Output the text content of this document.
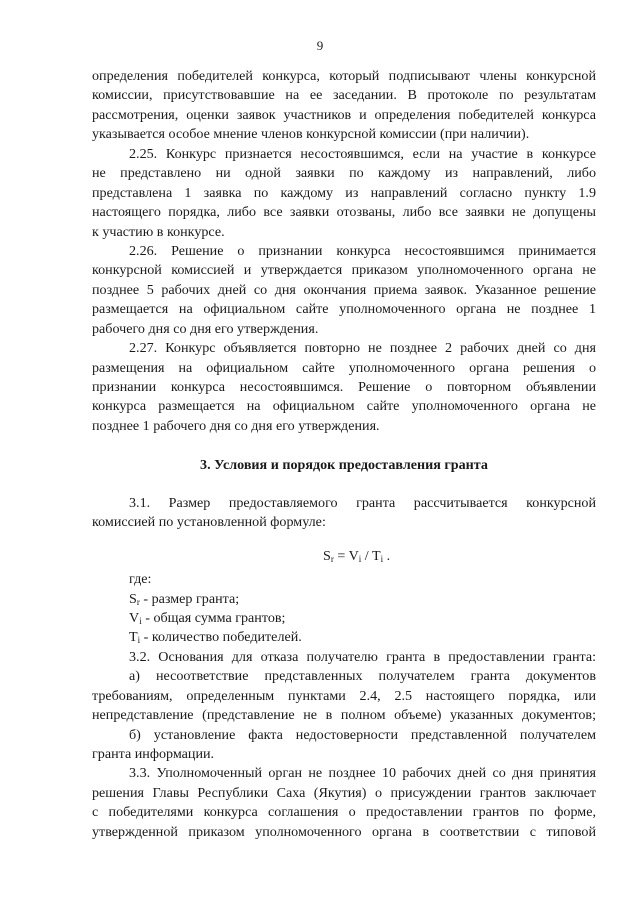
9
определения победителей конкурса, который подписывают члены конкурсной
комиссии, присутствовавшие на ее заседании. В протоколе по результатам
рассмотрения, оценки заявок участников и определения победителей конкурса
указывается особое мнение членов конкурсной комиссии (при наличии).
2.25. Конкурс признается несостоявшимся, если на участие в конкурсе
не представлено ни одной заявки по каждому из направлений, либо
представлена 1 заявка по каждому из направлений согласно пункту 1.9
настоящего порядка, либо все заявки отозваны, либо все заявки не допущены
к участию в конкурсе.
2.26. Решение о признании конкурса несостоявшимся принимается
конкурсной комиссией и утверждается приказом уполномоченного органа не
позднее 5 рабочих дней со дня окончания приема заявок. Указанное решение
размещается на официальном сайте уполномоченного органа не позднее 1
рабочего дня со дня его утверждения.
2.27. Конкурс объявляется повторно не позднее 2 рабочих дней со дня
размещения на официальном сайте уполномоченного органа решения о
признании конкурса несостоявшимся. Решение о повторном объявлении
конкурса размещается на официальном сайте уполномоченного органа не
позднее 1 рабочего дня со дня его утверждения.
3. Условия и порядок предоставления гранта
3.1. Размер предоставляемого гранта рассчитывается конкурсной
комиссией по установленной формуле:
$S_r = V_i / T_i$ .
где:
$S_r$ - размер гранта;
$V_i$ - общая сумма грантов;
$T_i$ - количество победителей.
3.2. Основания для отказа получателю гранта в предоставлении гранта:
а) несоответствие представленных получателем гранта документов
требованиям, определенным пунктами 2.4, 2.5 настоящего порядка, или
непредставление (представление не в полном объеме) указанных документов;
б) установление факта недостоверности представленной получателем
гранта информации.
3.3. Уполномоченный орган не позднее 10 рабочих дней со дня принятия
решения Главы Республики Саха (Якутия) о присуждении грантов заключает
с победителями конкурса соглашения о предоставлении грантов по форме,
утвержденной приказом уполномоченного органа в соответствии с типовой
